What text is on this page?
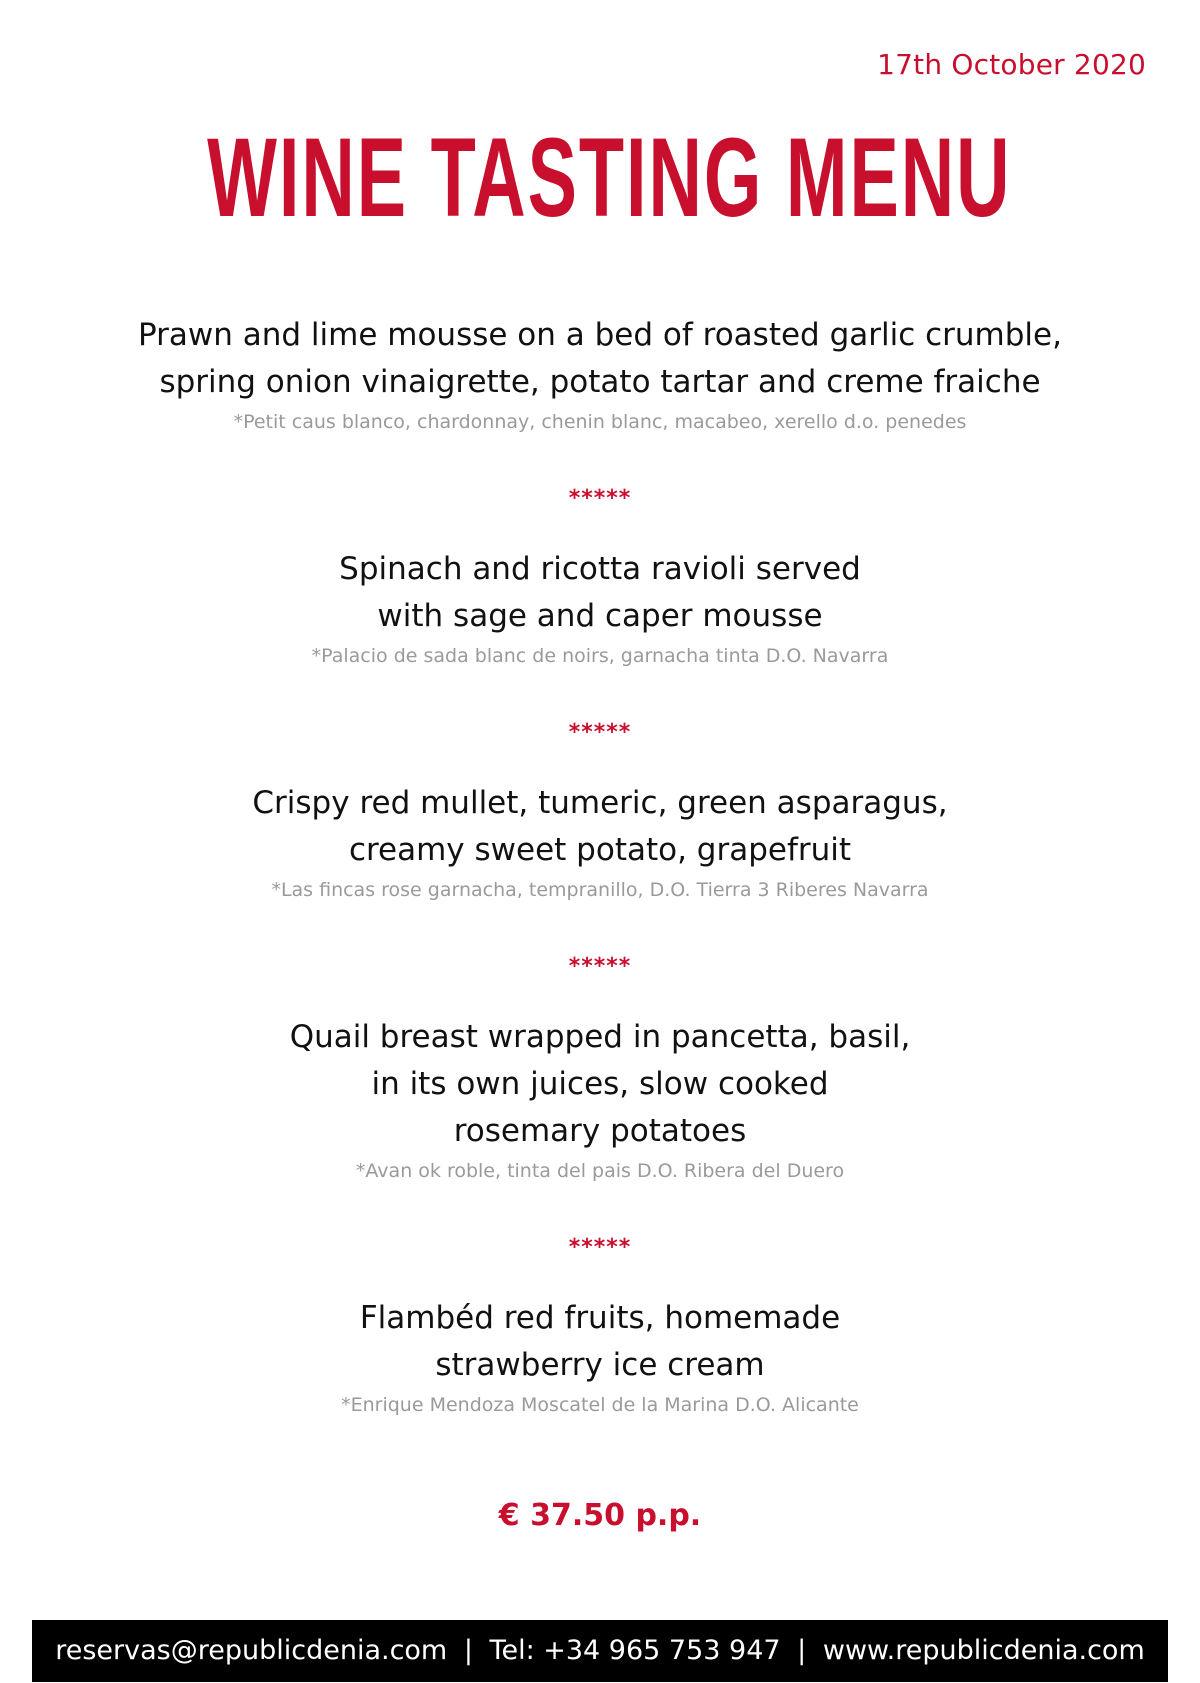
17th October 2020
WINE TASTING MENU
Prawn and lime mousse on a bed of roasted garlic crumble,
spring onion vinaigrette, potato tartar and creme fraiche
*Petit caus blanco, chardonnay, chenin blanc, macabeo, xerello d.o. penedes
*****
Spinach and ricotta ravioli served
with sage and caper mousse
*Palacio de sada blanc de noirs, garnacha tinta D.O. Navarra
*****
Crispy red mullet, tumeric, green asparagus,
creamy sweet potato, grapefruit
*Las fincas rose garnacha, tempranillo, D.O. Tierra 3 Riberes Navarra
*****
Quail breast wrapped in pancetta, basil,
in its own juices, slow cooked
rosemary potatoes
*Avan ok roble, tinta del pais D.O. Ribera del Duero
*****
Flambéd red fruits, homemade
strawberry ice cream
*Enrique Mendoza Moscatel de la Marina D.O. Alicante
€ 37.50 p.p.
reservas@republicdenia.com | Tel: +34 965 753 947 | www.republicdenia.com
